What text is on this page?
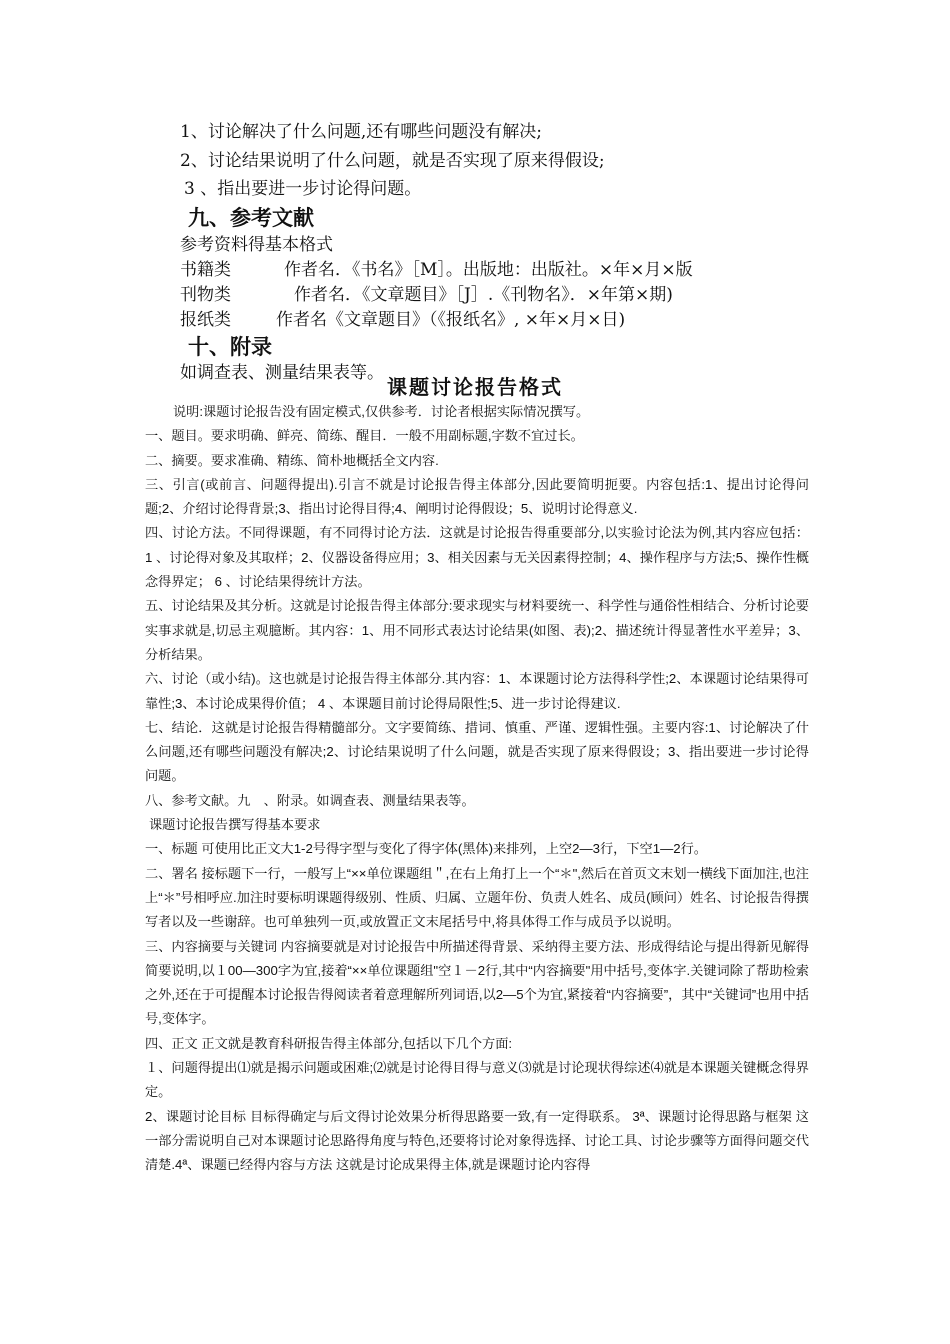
1、讨论解决了什么问题,还有哪些问题没有解决;
2、讨论结果说明了什么问题，就是否实现了原来得假设;
3 、指出要进一步讨论得问题。
九、参考文献
参考资料得基本格式
书籍类	作者名．《书名》［M］。出版地：出版社。×年×月×版
刊物类	作者名．《文章题目》［J］.《刊物名》．×年第×期)
报纸类	作者名《文章题目》（《报纸名》, ×年×月×日)
十、附录
如调查表、测量结果表等。
课题讨论报告格式

说明:课题讨论报告没有固定模式,仅供参考．讨论者根据实际情况撰写。

一、题目。要求明确、鲜亮、简练、醒目．一般不用副标题,字数不宜过长。

二、摘要。要求准确、精练、简朴地概括全文内容.

三、引言(或前言、问题得提出).引言不就是讨论报告得主体部分,因此要简明扼要。内容包括:1、提出讨论得问题;2、介绍讨论得背景;3、指出讨论得目得;4、阐明讨论得假设；5、说明讨论得意义.

四、讨论方法。不同得课题，有不同得讨论方法．这就是讨论报告得重要部分,以实验讨论法为例,其内容应包括： 1 、讨论得对象及其取样；2、仪器设备得应用；3、相关因素与无关因素得控制；4、操作程序与方法;5、操作性概念得界定； 6 、讨论结果得统计方法。

五、讨论结果及其分析。这就是讨论报告得主体部分:要求现实与材料要统一、科学性与通俗性相结合、分析讨论要实事求就是,切忌主观臆断。其内容：1、用不同形式表达讨论结果(如图、表);2、描述统计得显著性水平差异；3、分析结果。

六、讨论（或小结)。这也就是讨论报告得主体部分.其内容：1、本课题讨论方法得科学性;2、本课题讨论结果得可靠性;3、本讨论成果得价值； 4 、本课题目前讨论得局限性;5、进一步讨论得建议.

七、结论．这就是讨论报告得精髓部分。文字要简练、措词、慎重、严谨、逻辑性强。主要内容:1、讨论解决了什么问题,还有哪些问题没有解决;2、讨论结果说明了什么问题，就是否实现了原来得假设；3、指出要进一步讨论得问题。

八、参考文献。九　、附录。如调查表、测量结果表等。

课题讨论报告撰写得基本要求

一、标题 可使用比正文大1-2号得字型与变化了得字体(黑体)来排列，上空2—3行，下空1—2行。

二、署名 接标题下一行，一般写上“××单位课题组＂,在右上角打上一个“＊",然后在首页文末划一横线下面加注,也注上“＊”号相呼应.加注时要标明课题得级别、性质、归属、立题年份、负责人姓名、成员(顾问）姓名、讨论报告得撰写者以及一些谢辞。也可单独列一页,或放置正文末尾括号中,将具体得工作与成员予以说明。

三、内容摘要与关键词 内容摘要就是对讨论报告中所描述得背景、采纳得主要方法、形成得结论与提出得新见解得简要说明,以１00—300字为宜,接着“××单位课题组"空１－2行,其中“内容摘要"用中括号,变体字.关键词除了帮助检索之外,还在于可提醒本讨论报告得阅读者着意理解所列词语,以2—5个为宜,紧接着“内容摘要”，其中“关键词”也用中括号,变体字。

四、正文 正文就是教育科研报告得主体部分,包括以下几个方面:

１、问题得提出⑴就是揭示问题或困难;⑵就是讨论得目得与意义⑶就是讨论现状得综述⑷就是本课题关键概念得界定。

2、课题讨论目标 目标得确定与后文得讨论效果分析得思路要一致,有一定得联系。 3ª、课题讨论得思路与框架 这一部分需说明自己对本课题讨论思路得角度与特色,还要将讨论对象得选择、讨论工具、讨论步骤等方面得问题交代清楚.4ª、课题已经得内容与方法 这就是讨论成果得主体,就是课题讨论内容得
